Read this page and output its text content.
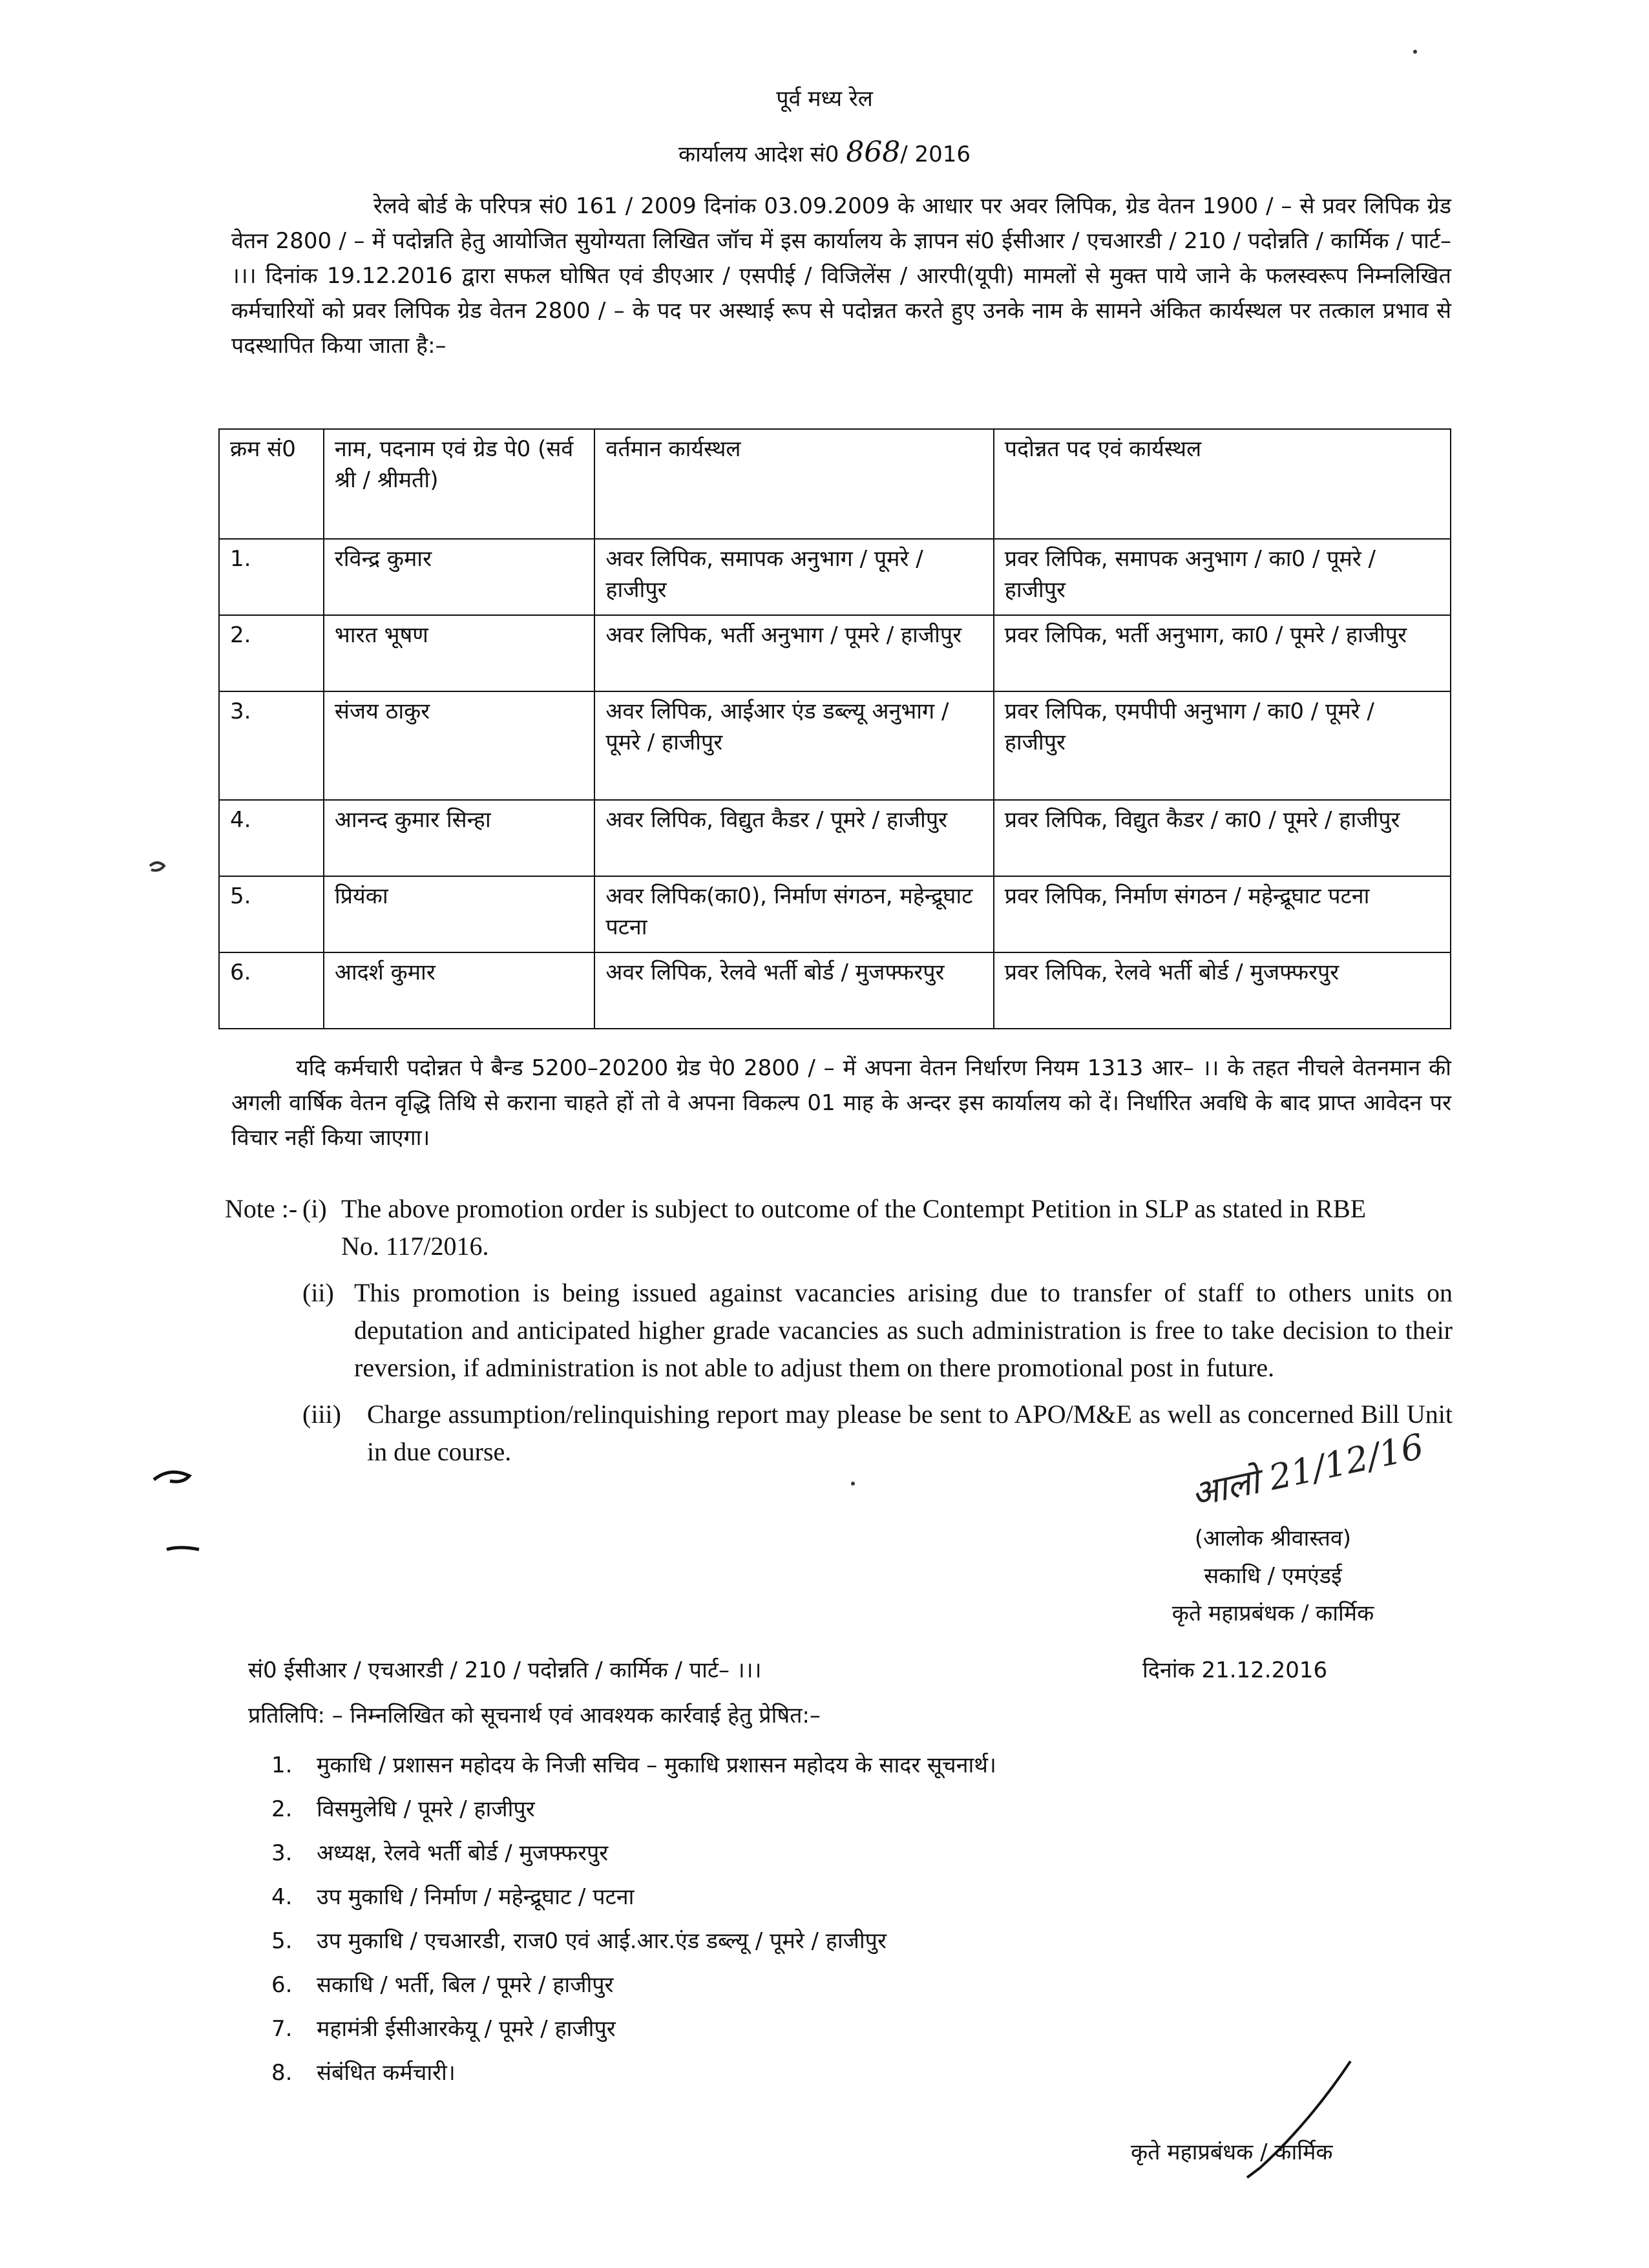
पूर्व मध्य रेल
कार्यालय आदेश सं0 868/ 2016
रेलवे बोर्ड के परिपत्र सं0 161 / 2009 दिनांक 03.09.2009 के आधार पर अवर लिपिक, ग्रेड वेतन 1900 / – से प्रवर लिपिक ग्रेड वेतन 2800 / – में पदोन्नति हेतु आयोजित सुयोग्यता लिखित जॉच में इस कार्यालय के ज्ञापन सं0 ईसीआर / एचआरडी / 210 / पदोन्नति / कार्मिक / पार्ट– ।।। दिनांक 19.12.2016 द्वारा सफल घोषित एवं डीएआर / एसपीई / विजिलेंस / आरपी(यूपी) मामलों से मुक्त पाये जाने के फलस्वरूप निम्नलिखित कर्मचारियों को प्रवर लिपिक ग्रेड वेतन 2800 / – के पद पर अस्थाई रूप से पदोन्नत करते हुए उनके नाम के सामने अंकित कार्यस्थल पर तत्काल प्रभाव से पदस्थापित किया जाता है:–
क्रम सं0	नाम, पदनाम एवं ग्रेड पे0 (सर्व श्री / श्रीमती)	वर्तमान कार्यस्थल	पदोन्नत पद एवं कार्यस्थल
1.	रविन्द्र कुमार	अवर लिपिक, समापक अनुभाग / पूमरे / हाजीपुर	प्रवर लिपिक, समापक अनुभाग / का0 / पूमरे / हाजीपुर
2.	भारत भूषण	अवर लिपिक, भर्ती अनुभाग / पूमरे / हाजीपुर	प्रवर लिपिक, भर्ती अनुभाग, का0 / पूमरे / हाजीपुर
3.	संजय ठाकुर	अवर लिपिक, आईआर एंड डब्ल्यू अनुभाग / पूमरे / हाजीपुर	प्रवर लिपिक, एमपीपी अनुभाग / का0 / पूमरे / हाजीपुर
4.	आनन्द कुमार सिन्हा	अवर लिपिक, विद्युत कैडर / पूमरे / हाजीपुर	प्रवर लिपिक, विद्युत कैडर / का0 / पूमरे / हाजीपुर
5.	प्रियंका	अवर लिपिक(का0), निर्माण संगठन, महेन्द्रूघाट पटना	प्रवर लिपिक, निर्माण संगठन / महेन्द्रूघाट पटना
6.	आदर्श कुमार	अवर लिपिक, रेलवे भर्ती बोर्ड / मुजफ्फरपुर	प्रवर लिपिक, रेलवे भर्ती बोर्ड / मुजफ्फरपुर
यदि कर्मचारी पदोन्नत पे बैन्ड 5200–20200 ग्रेड पे0 2800 / – में अपना वेतन निर्धारण नियम 1313 आर– ।। के तहत नीचले वेतनमान की अगली वार्षिक वेतन वृद्धि तिथि से कराना चाहते हों तो वे अपना विकल्प 01 माह के अन्दर इस कार्यालय को दें। निर्धारित अवधि के बाद प्राप्त आवेदन पर विचार नहीं किया जाएगा।
Note :- (i) The above promotion order is subject to outcome of the Contempt Petition in SLP as stated in RBE No. 117/2016.
(ii) This promotion is being issued against vacancies arising due to transfer of staff to others units on deputation and anticipated higher grade vacancies as such administration is free to take decision to their reversion, if administration is not able to adjust them on there promotional post in future.
(iii)	Charge assumption/relinquishing report may please be sent to APO/M&E as well as concerned Bill Unit in due course.	आलो 21/12/16
(आलोक श्रीवास्तव)
सकाधि / एमएंडई
कृते महाप्रबंधक / कार्मिक
सं0 ईसीआर / एचआरडी / 210 / पदोन्नति / कार्मिक / पार्ट– ।।।	दिनांक 21.12.2016
प्रतिलिपि: – निम्नलिखित को सूचनार्थ एवं आवश्यक कार्रवाई हेतु प्रेषित:–
1. मुकाधि / प्रशासन महोदय के निजी सचिव – मुकाधि प्रशासन महोदय के सादर सूचनार्थ।
2. विसमुलेधि / पूमरे / हाजीपुर
3. अध्यक्ष, रेलवे भर्ती बोर्ड / मुजफ्फरपुर
4. उप मुकाधि / निर्माण / महेन्द्रूघाट / पटना
5. उप मुकाधि / एचआरडी, राज0 एवं आई.आर.एंड डब्ल्यू / पूमरे / हाजीपुर
6. सकाधि / भर्ती, बिल / पूमरे / हाजीपुर
7. महामंत्री ईसीआरकेयू / पूमरे / हाजीपुर
8. संबंधित कर्मचारी।
कृते महाप्रबंधक / कार्मिक
